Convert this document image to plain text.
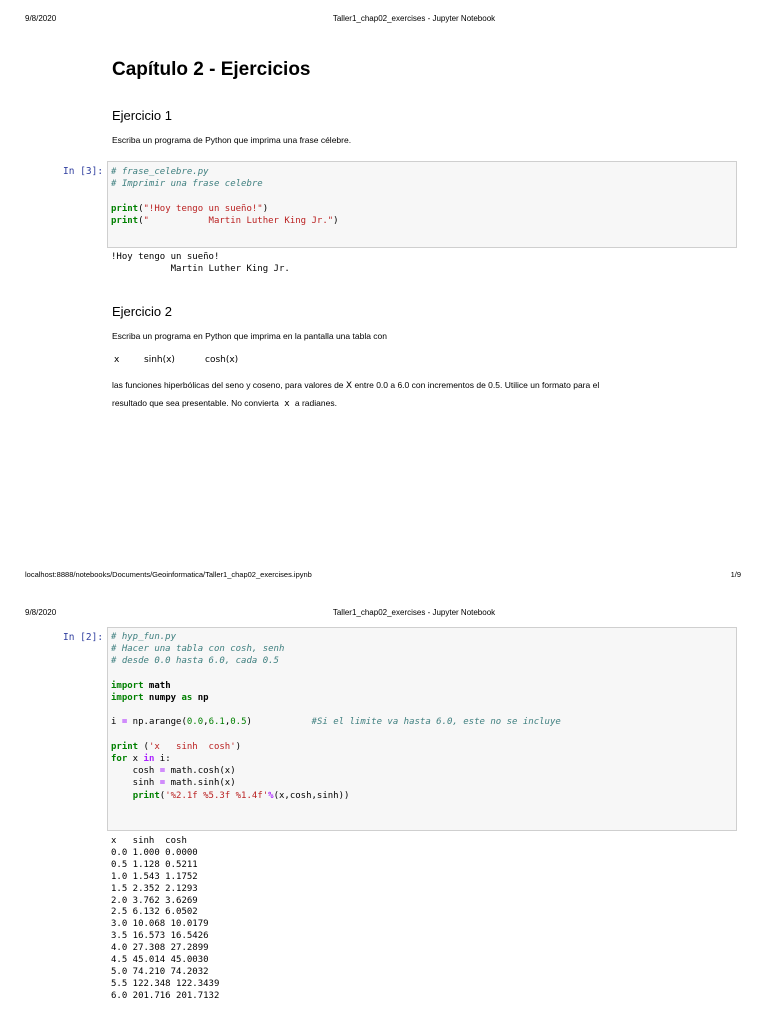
9/8/2020	Taller1_chap02_exercises - Jupyter Notebook
Capítulo 2 - Ejercicios
Ejercicio 1
Escriba un programa de Python que imprima una frase célebre.
In [3]: # frase_celebre.py
# Imprimir una frase celebre

print("!Hoy tengo un sueño!")
print("           Martin Luther King Jr.")
!Hoy tengo un sueño!
Martin Luther King Jr.
Ejercicio 2
Escriba un programa en Python que imprima en la pantalla una tabla con
x	sinh(x)	cosh(x)
las funciones hiperbólicas del seno y coseno, para valores de X entre 0.0 a 6.0 con incrementos de 0.5. Utilice un formato para el
resultado que sea presentable. No convierta x a radianes.
localhost:8888/notebooks/Documents/Geoinformatica/Taller1_chap02_exercises.ipynb	1/9
9/8/2020	Taller1_chap02_exercises - Jupyter Notebook
In [2]: # hyp_fun.py
# Hacer una tabla con cosh, senh
# desde 0.0 hasta 6.0, cada 0.5

import math
import numpy as np

i = np.arange(0.0,6.1,0.5)	#Si el limite va hasta 6.0, este no se incluye

print ('x   sinh  cosh')
for x in i:
cosh = math.cosh(x)
sinh = math.sinh(x)
print('%2.1f %5.3f %1.4f'%(x,cosh,sinh))
x   sinh  cosh
0.0 1.000 0.0000
0.5 1.128 0.5211
1.0 1.543 1.1752
1.5 2.352 2.1293
2.0 3.762 3.6269
2.5 6.132 6.0502
3.0 10.068 10.0179
3.5 16.573 16.5426
4.0 27.308 27.2899
4.5 45.014 45.0030
5.0 74.210 74.2032
5.5 122.348 122.3439
6.0 201.716 201.7132
